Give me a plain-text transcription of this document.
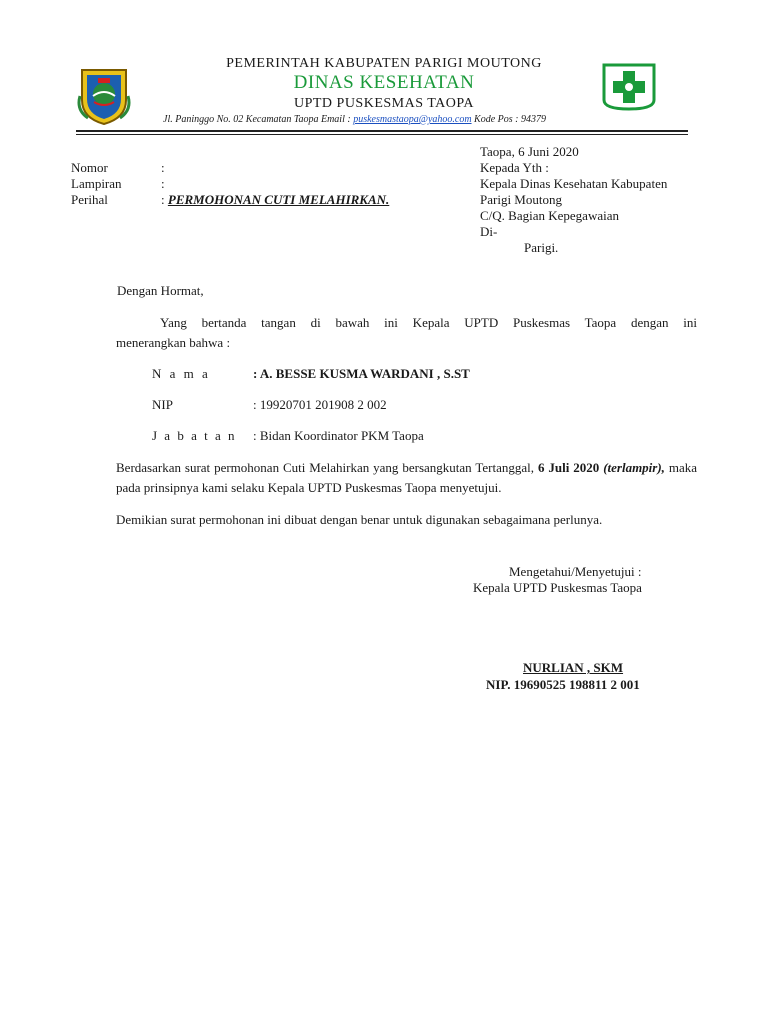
PEMERINTAH KABUPATEN PARIGI MOUTONG
DINAS KESEHATAN
UPTD PUSKESMAS TAOPA
Jl. Paninggo No. 02 Kecamatan Taopa Email : puskesmastaopa@yahoo.com Kode Pos : 94379
Nomor	:
Lampiran	:
Perihal	: PERMOHONAN CUTI MELAHIRKAN.
Taopa, 6 Juni 2020
Kepada Yth :
Kepala Dinas Kesehatan Kabupaten
Parigi Moutong
C/Q. Bagian Kepegawaian
Di-
Parigi.
Dengan Hormat,
Yang bertanda tangan di bawah ini Kepala UPTD Puskesmas Taopa dengan ini
menerangkan bahwa :
N a m a	: A. BESSE KUSMA WARDANI , S.ST
NIP	: 19920701 201908 2 002
J a b a t a n : Bidan Koordinator PKM Taopa
Berdasarkan surat permohonan Cuti Melahirkan yang bersangkutan Tertanggal, 6 Juli 2020 (terlampir), maka pada prinsipnya kami selaku Kepala UPTD Puskesmas Taopa menyetujui.
Demikian surat permohonan ini dibuat dengan benar untuk digunakan sebagaimana perlunya.
Mengetahui/Menyetujui :
Kepala UPTD Puskesmas Taopa
NURLIAN , SKM
NIP. 19690525 198811 2 001
